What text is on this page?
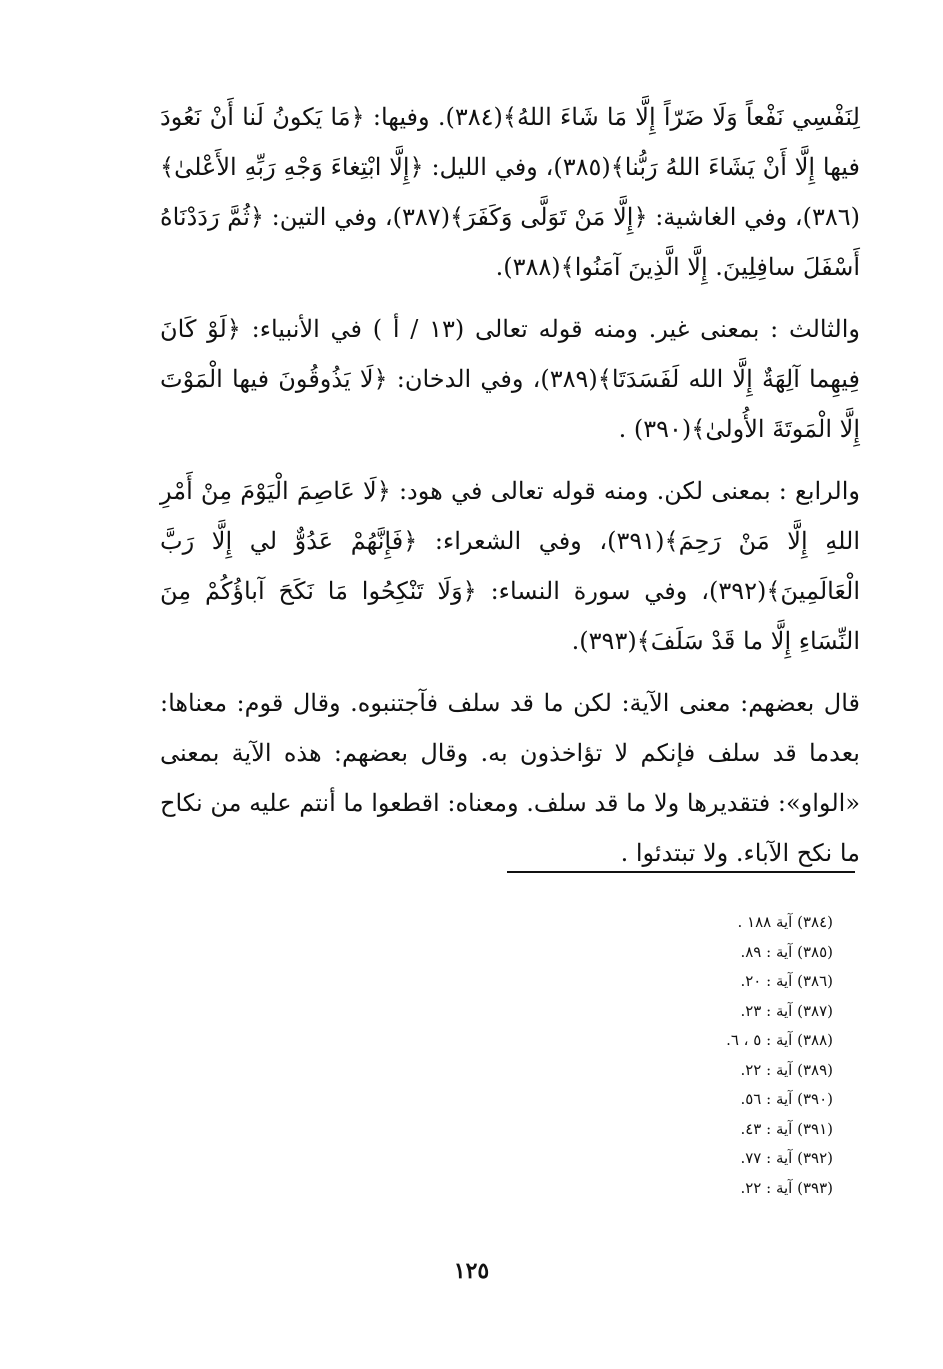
لِنَفْسِي نَفْعاً وَلَا ضَرّاً إِلَّا مَا شَاءَ اللهُ﴾(٣٨٤). وفيها: ﴿مَا يَكونُ لَنا أَنْ نَعُودَ فيها إِلَّا أَنْ يَشَاءَ اللهُ رَبُّنا﴾(٣٨٥)، وفي الليل: ﴿إِلَّا ابْتِغاءَ وَجْهِ رَبِّهِ الأَعْلىٰ﴾(٣٨٦)، وفي الغاشية: ﴿إِلَّا مَنْ تَوَلَّى وَكَفَرَ﴾(٣٨٧)، وفي التين: ﴿ثُمَّ رَدَدْنَاهُ أَسْفَلَ سافِلِينَ. إِلَّا الَّذِينَ آمَنُوا﴾(٣٨٨).

والثالث : بمعنى غير. ومنه قوله تعالى (١٣ / أ ) في الأنبياء: ﴿لَوْ كَانَ فِيهِما آلِهَةٌ إِلَّا الله لَفَسَدَتَا﴾(٣٨٩)، وفي الدخان: ﴿لَا يَذُوقُونَ فيها الْمَوْتَ إِلَّا الْمَوتَةَ الأُولىٰ﴾(٣٩٠) .

والرابع : بمعنى لكن. ومنه قوله تعالى في هود: ﴿لَا عَاصِمَ الْيَوْمَ مِنْ أَمْرِ اللهِ إِلَّا مَنْ رَحِمَ﴾(٣٩١)، وفي الشعراء: ﴿فَإِنَّهُمْ عَدُوٌّ لي إِلَّا رَبَّ الْعَالَمِينَ﴾(٣٩٢)، وفي سورة النساء: ﴿وَلَا تَنْكِحُوا مَا نَكَحَ آباؤُكُمْ مِنَ النِّسَاءِ إِلَّا ما قَدْ سَلَفَ﴾(٣٩٣).

قال بعضهم: معنى الآية: لكن ما قد سلف فآجتنبوه. وقال قوم: معناها: بعدما قد سلف فإنكم لا تؤاخذون به. وقال بعضهم: هذه الآية بمعنى «الواو»: فتقديرها ولا ما قد سلف. ومعناه: اقطعوا ما أنتم عليه من نكاح ما نكح الآباء. ولا تبتدئوا .

(٣٨٤) آية ١٨٨ .
(٣٨٥) آية : ٨٩.
(٣٨٦) آية : ٢٠.
(٣٨٧) آية : ٢٣.
(٣٨٨) آية : ٥ ، ٦.
(٣٨٩) آية : ٢٢.
(٣٩٠) آية : ٥٦.
(٣٩١) آية : ٤٣.
(٣٩٢) آية : ٧٧.
(٣٩٣) آية : ٢٢.
١٢٥
